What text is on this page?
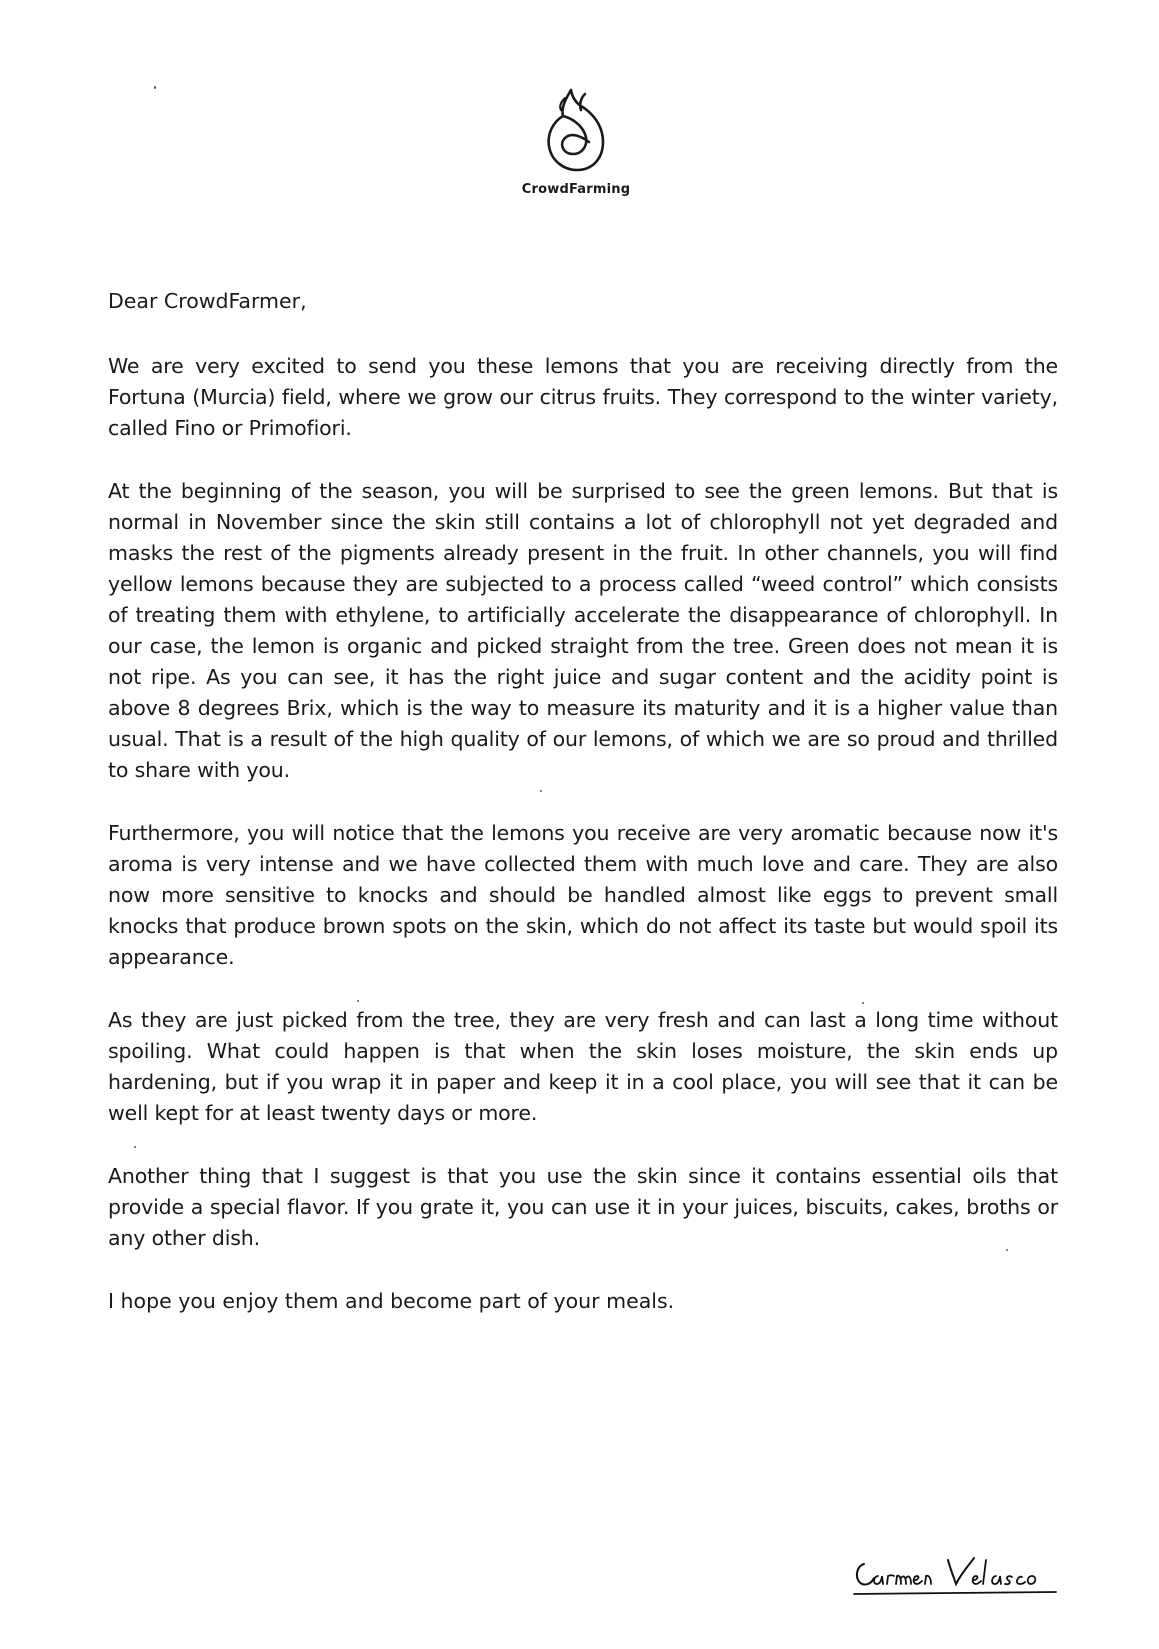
CrowdFarming

Dear CrowdFarmer,

We are very excited to send you these lemons that you are receiving directly from the Fortuna (Murcia) field, where we grow our citrus fruits. They correspond to the winter variety, called Fino or Primofiori.

At the beginning of the season, you will be surprised to see the green lemons. But that is normal in November since the skin still contains a lot of chlorophyll not yet degraded and masks the rest of the pigments already present in the fruit. In other channels, you will find yellow lemons because they are subjected to a process called “weed control” which consists of treating them with ethylene, to artificially accelerate the disappearance of chlorophyll. In our case, the lemon is organic and picked straight from the tree. Green does not mean it is not ripe. As you can see, it has the right juice and sugar content and the acidity point is above 8 degrees Brix, which is the way to measure its maturity and it is a higher value than usual. That is a result of the high quality of our lemons, of which we are so proud and thrilled to share with you.

Furthermore, you will notice that the lemons you receive are very aromatic because now it's aroma is very intense and we have collected them with much love and care. They are also now more sensitive to knocks and should be handled almost like eggs to prevent small knocks that produce brown spots on the skin, which do not affect its taste but would spoil its appearance.

As they are just picked from the tree, they are very fresh and can last a long time without spoiling. What could happen is that when the skin loses moisture, the skin ends up hardening, but if you wrap it in paper and keep it in a cool place, you will see that it can be well kept for at least twenty days or more.

Another thing that I suggest is that you use the skin since it contains essential oils that provide a special flavor. If you grate it, you can use it in your juices, biscuits, cakes, broths or any other dish.

I hope you enjoy them and become part of your meals.
